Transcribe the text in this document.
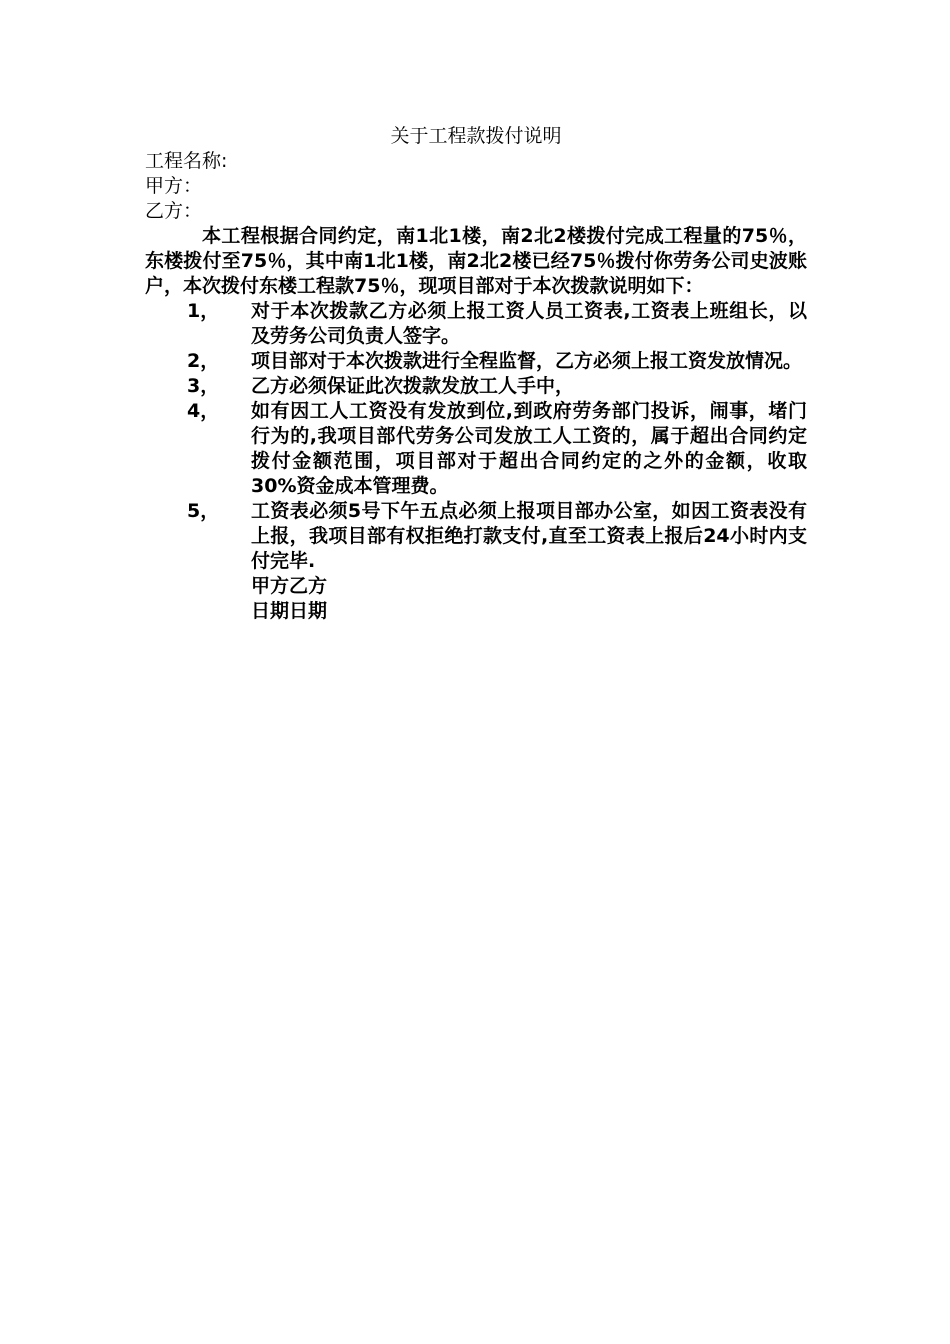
关于工程款拨付说明

工程名称:

甲方：

乙方：

本工程根据合同约定，南1北1楼，南2北2楼拨付完成工程量的75％，东楼拨付至75％，其中南1北1楼，南2北2楼已经75％拨付你劳务公司史波账户，本次拨付东楼工程款75％，现项目部对于本次拨款说明如下：

1， 对于本次拨款乙方必须上报工资人员工资表,工资表上班组长，以及劳务公司负责人签字。
2， 项目部对于本次拨款进行全程监督，乙方必须上报工资发放情况。
3， 乙方必须保证此次拨款发放工人手中，
4， 如有因工人工资没有发放到位,到政府劳务部门投诉，闹事，堵门行为的,我项目部代劳务公司发放工人工资的，属于超出合同约定拨付金额范围，项目部对于超出合同约定的之外的金额，收取30%资金成本管理费。
5， 工资表必须5号下午五点必须上报项目部办公室，如因工资表没有上报，我项目部有权拒绝打款支付,直至工资表上报后24小时内支付完毕.

甲方乙方

日期日期
